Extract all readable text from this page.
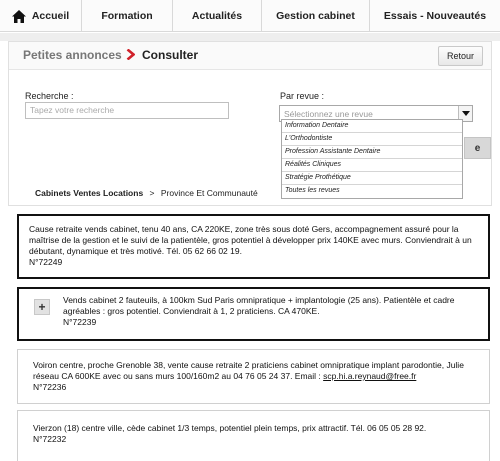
Accueil	Formation	Actualités	Gestion cabinet	Essais - Nouveautés
Petites annonces Consulter	Retour
Recherche :
Tapez votre recherche
Par revue :
Sélectionnez une revue
e
Information Dentaire
L'Orthodontiste
Profession Assistante Dentaire
Réalités Cliniques
Stratégie Prothétique
Toutes les revues
Cabinets Ventes Locations > Province Et Communauté
Cause retraite vends cabinet, tenu 40 ans, CA 220KE, zone très sous doté Gers, accompagnement assuré pour la maîtrise de la gestion et le suivi de la patientèle, gros potentiel à développer prix 140KE avec murs. Conviendrait à un débutant, dynamique et très motivé. Tél. 05 62 66 02 19.
N°72249
+	Vends cabinet 2 fauteuils, à 100km Sud Paris omnipratique + implantologie (25 ans). Patientèle et cadre agréables : gros potentiel. Conviendrait à 1, 2 praticiens. CA 470KE.
N°72239
Voiron centre, proche Grenoble 38, vente cause retraite 2 praticiens cabinet omnipratique implant parodontie, Julie réseau CA 600KE avec ou sans murs 100/160m2 au 04 76 05 24 37. Email : scp.hi.a.reynaud@free.fr
N°72236
Vierzon (18) centre ville, cède cabinet 1/3 temps, potentiel plein temps, prix attractif. Tél. 06 05 05 28 92.
N°72232
